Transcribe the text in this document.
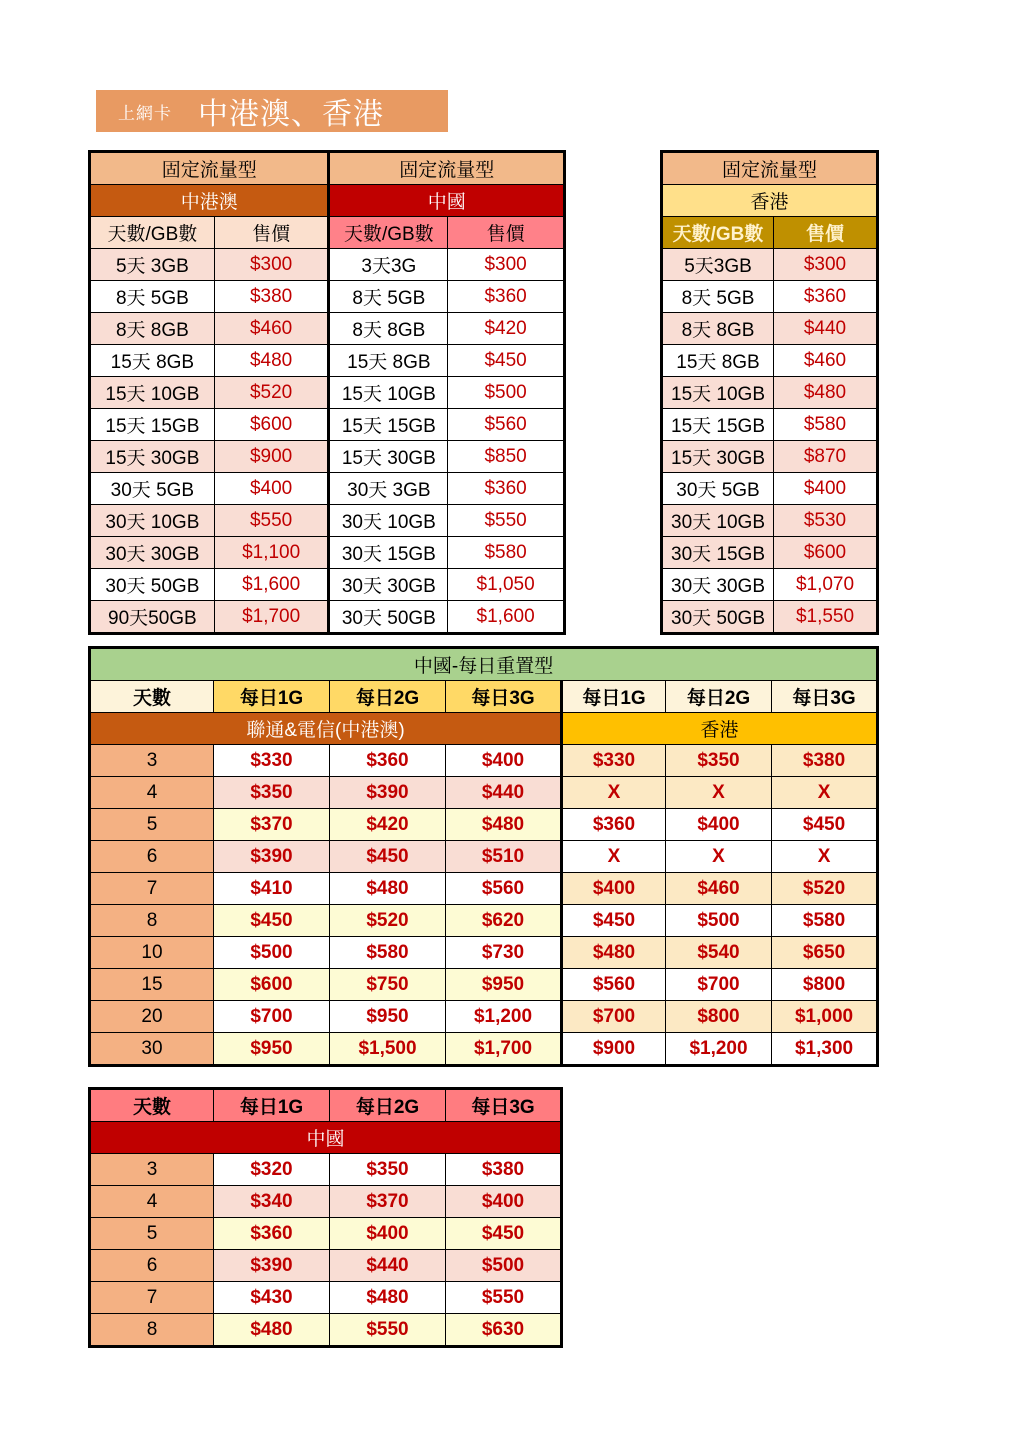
上網卡 中港澳、香港
固定流量型		固定流量型	
中港澳		中國	
天數/GB數	售價	天數/GB數	售價
5天 3GB	$300	3天3G	$300
8天 5GB	$380	8天 5GB	$360
8天 8GB	$460	8天 8GB	$420
15天 8GB	$480	15天 8GB	$450
15天 10GB	$520	15天 10GB	$500
15天 15GB	$600	15天 15GB	$560
15天 30GB	$900	15天 30GB	$850
30天 5GB	$400	30天 3GB	$360
30天 10GB	$550	30天 10GB	$550
30天 30GB	$1,100	30天 15GB	$580
30天 50GB	$1,600	30天 30GB	$1,050
90天50GB	$1,700	30天 50GB	$1,600
固定流量型	
香港	
天數/GB數	售價
5天3GB	$300
8天 5GB	$360
8天 8GB	$440
15天 8GB	$460
15天 10GB	$480
15天 15GB	$580
15天 30GB	$870
30天 5GB	$400
30天 10GB	$530
30天 15GB	$600
30天 30GB	$1,070
30天 50GB	$1,550
中國-每日重置型						
天數	每日1G	每日2G	每日3G	每日1G	每日2G	每日3G
聯通&電信(中港澳)				香港		
3	$330	$360	$400	$330	$350	$380
4	$350	$390	$440	X	X	X
5	$370	$420	$480	$360	$400	$450
6	$390	$450	$510	X	X	X
7	$410	$480	$560	$400	$460	$520
8	$450	$520	$620	$450	$500	$580
10	$500	$580	$730	$480	$540	$650
15	$600	$750	$950	$560	$700	$800
20	$700	$950	$1,200	$700	$800	$1,000
30	$950	$1,500	$1,700	$900	$1,200	$1,300
天數	每日1G	每日2G	每日3G
中國			
3	$320	$350	$380
4	$340	$370	$400
5	$360	$400	$450
6	$390	$440	$500
7	$430	$480	$550
8	$480	$550	$630
